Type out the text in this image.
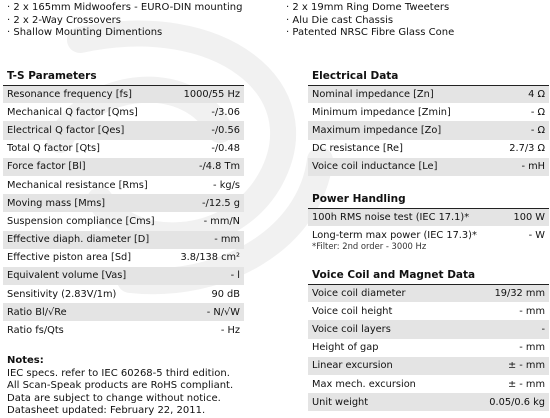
· 2 x 165mm Midwoofers - EURO-DIN mounting
· 2 x 2-Way Crossovers
· Shallow Mounting Dimentions
· 2 x 19mm Ring Dome Tweeters
· Alu Die cast Chassis
· Patented NRSC Fibre Glass Cone
T-S Parameters
Resonance frequency [fs]	1000/55 Hz
Mechanical Q factor [Qms]	-/3.06
Electrical Q factor [Qes]	-/0.56
Total Q factor [Qts]	-/0.48
Force factor [Bl]	-/4.8 Tm
Mechanical resistance [Rms]	- kg/s
Moving mass [Mms]	-/12.5 g
Suspension compliance [Cms]	- mm/N
Effective diaph. diameter [D]	- mm
Effective piston area [Sd]	3.8/138 cm²
Equivalent volume [Vas]	- l
Sensitivity (2.83V/1m)	90 dB
Ratio Bl/√Re	- N/√W
Ratio fs/Qts	- Hz
Notes:
IEC specs. refer to IEC 60268-5 third edition.
All Scan-Speak products are RoHS compliant.
Data are subject to change without notice.
Datasheet updated: February 22, 2011.
Electrical Data
Nominal impedance [Zn]	4 Ω
Minimum impedance [Zmin]	- Ω
Maximum impedance [Zo]	- Ω
DC resistance [Re]	2.7/3 Ω
Voice coil inductance [Le]	- mH
Power Handling
100h RMS noise test (IEC 17.1)*	100 W
Long-term max power (IEC 17.3)*	- W
*Filter: 2nd order - 3000 Hz
Voice Coil and Magnet Data
Voice coil diameter	19/32 mm
Voice coil height	- mm
Voice coil layers	-
Height of gap	- mm
Linear excursion	± - mm
Max mech. excursion	± - mm
Unit weight	0.05/0.6 kg
